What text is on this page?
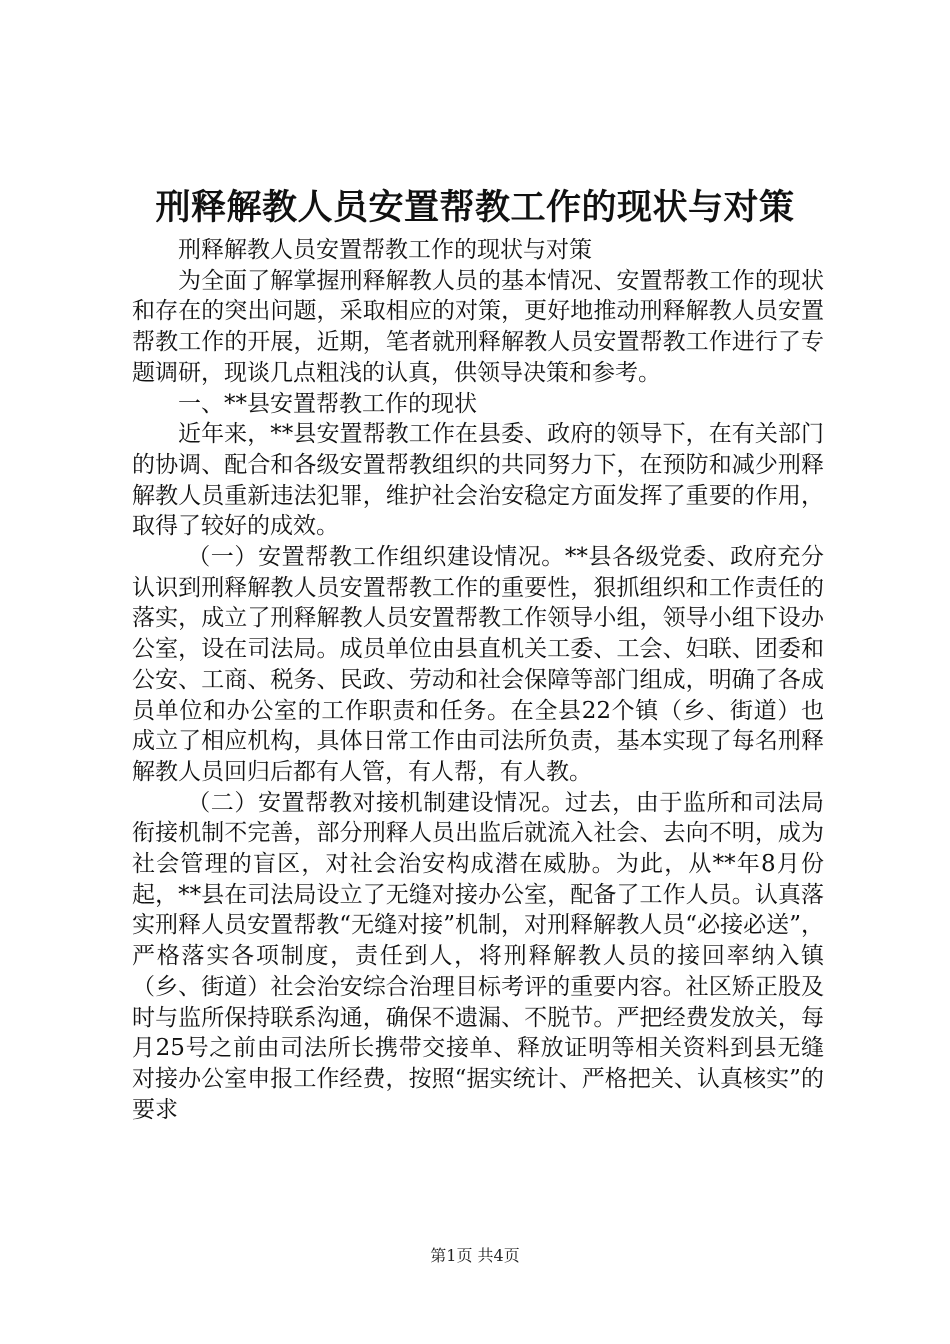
刑释解教人员安置帮教工作的现状与对策

刑释解教人员安置帮教工作的现状与对策

为全面了解掌握刑释解教人员的基本情况、安置帮教工作的现状和存在的突出问题，采取相应的对策，更好地推动刑释解教人员安置帮教工作的开展，近期，笔者就刑释解教人员安置帮教工作进行了专题调研，现谈几点粗浅的认真，供领导决策和参考。

一、**县安置帮教工作的现状

近年来，**县安置帮教工作在县委、政府的领导下，在有关部门的协调、配合和各级安置帮教组织的共同努力下，在预防和减少刑释解教人员重新违法犯罪，维护社会治安稳定方面发挥了重要的作用，取得了较好的成效。

（一）安置帮教工作组织建设情况。**县各级党委、政府充分认识到刑释解教人员安置帮教工作的重要性，狠抓组织和工作责任的落实，成立了刑释解教人员安置帮教工作领导小组，领导小组下设办公室，设在司法局。成员单位由县直机关工委、工会、妇联、团委和公安、工商、税务、民政、劳动和社会保障等部门组成，明确了各成员单位和办公室的工作职责和任务。在全县22个镇（乡、街道）也成立了相应机构，具体日常工作由司法所负责，基本实现了每名刑释解教人员回归后都有人管，有人帮，有人教。

（二）安置帮教对接机制建设情况。过去，由于监所和司法局衔接机制不完善，部分刑释人员出监后就流入社会、去向不明，成为社会管理的盲区，对社会治安构成潜在威胁。为此，从**年8月份起，**县在司法局设立了无缝对接办公室，配备了工作人员。认真落实刑释人员安置帮教“无缝对接”机制，对刑释解教人员“必接必送”，严格落实各项制度，责任到人，将刑释解教人员的接回率纳入镇（乡、街道）社会治安综合治理目标考评的重要内容。社区矫正股及时与监所保持联系沟通，确保不遗漏、不脱节。严把经费发放关，每月25号之前由司法所长携带交接单、释放证明等相关资料到县无缝对接办公室申报工作经费，按照“据实统计、严格把关、认真核实”的要求

第1页 共4页
